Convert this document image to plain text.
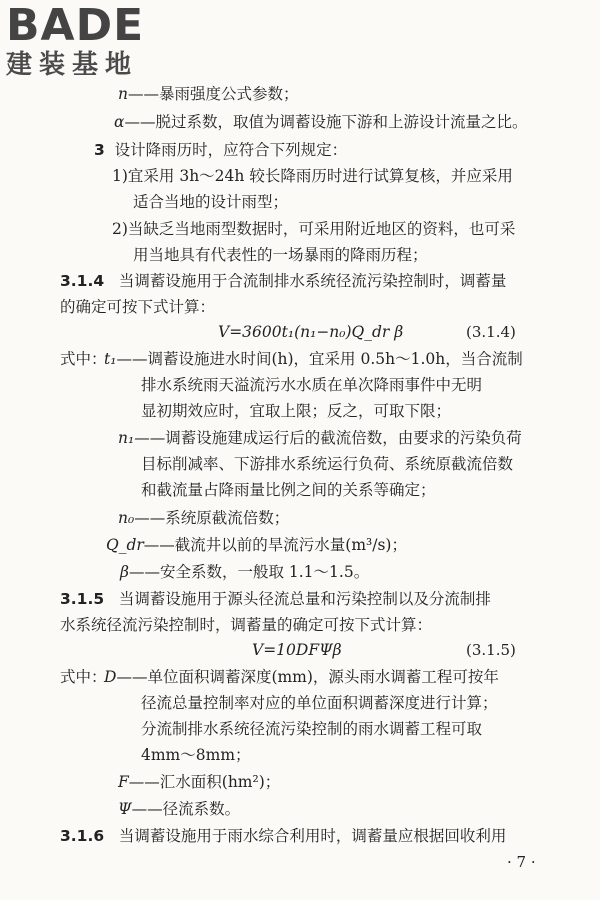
BADE
建装基地
n——暴雨强度公式参数；
α——脱过系数，取值为调蓄设施下游和上游设计流量之比。
3 设计降雨历时，应符合下列规定：
1)宜采用 3h～24h 较长降雨历时进行试算复核，并应采用
适合当地的设计雨型；
2)当缺乏当地雨型数据时，可采用附近地区的资料，也可采
用当地具有代表性的一场暴雨的降雨历程；
3.1.4 当调蓄设施用于合流制排水系统径流污染控制时，调蓄量
的确定可按下式计算：
V=3600t₁(n₁−n₀)Q_dr β	(3.1.4)
式中：
t₁——调蓄设施进水时间(h)，宜采用 0.5h～1.0h，当合流制
排水系统雨天溢流污水水质在单次降雨事件中无明
显初期效应时，宜取上限；反之，可取下限；
n₁——调蓄设施建成运行后的截流倍数，由要求的污染负荷
目标削减率、下游排水系统运行负荷、系统原截流倍数
和截流量占降雨量比例之间的关系等确定；
n₀——系统原截流倍数；
Q_dr——截流井以前的旱流污水量(m³/s)；
β——安全系数，一般取 1.1～1.5。
3.1.5 当调蓄设施用于源头径流总量和污染控制以及分流制排
水系统径流污染控制时，调蓄量的确定可按下式计算：
V=10DFΨβ	(3.1.5)
式中：
D——单位面积调蓄深度(mm)，源头雨水调蓄工程可按年
径流总量控制率对应的单位面积调蓄深度进行计算；
分流制排水系统径流污染控制的雨水调蓄工程可取
4mm～8mm；
F——汇水面积(hm²)；
Ψ——径流系数。
3.1.6 当调蓄设施用于雨水综合利用时，调蓄量应根据回收利用
· 7 ·
